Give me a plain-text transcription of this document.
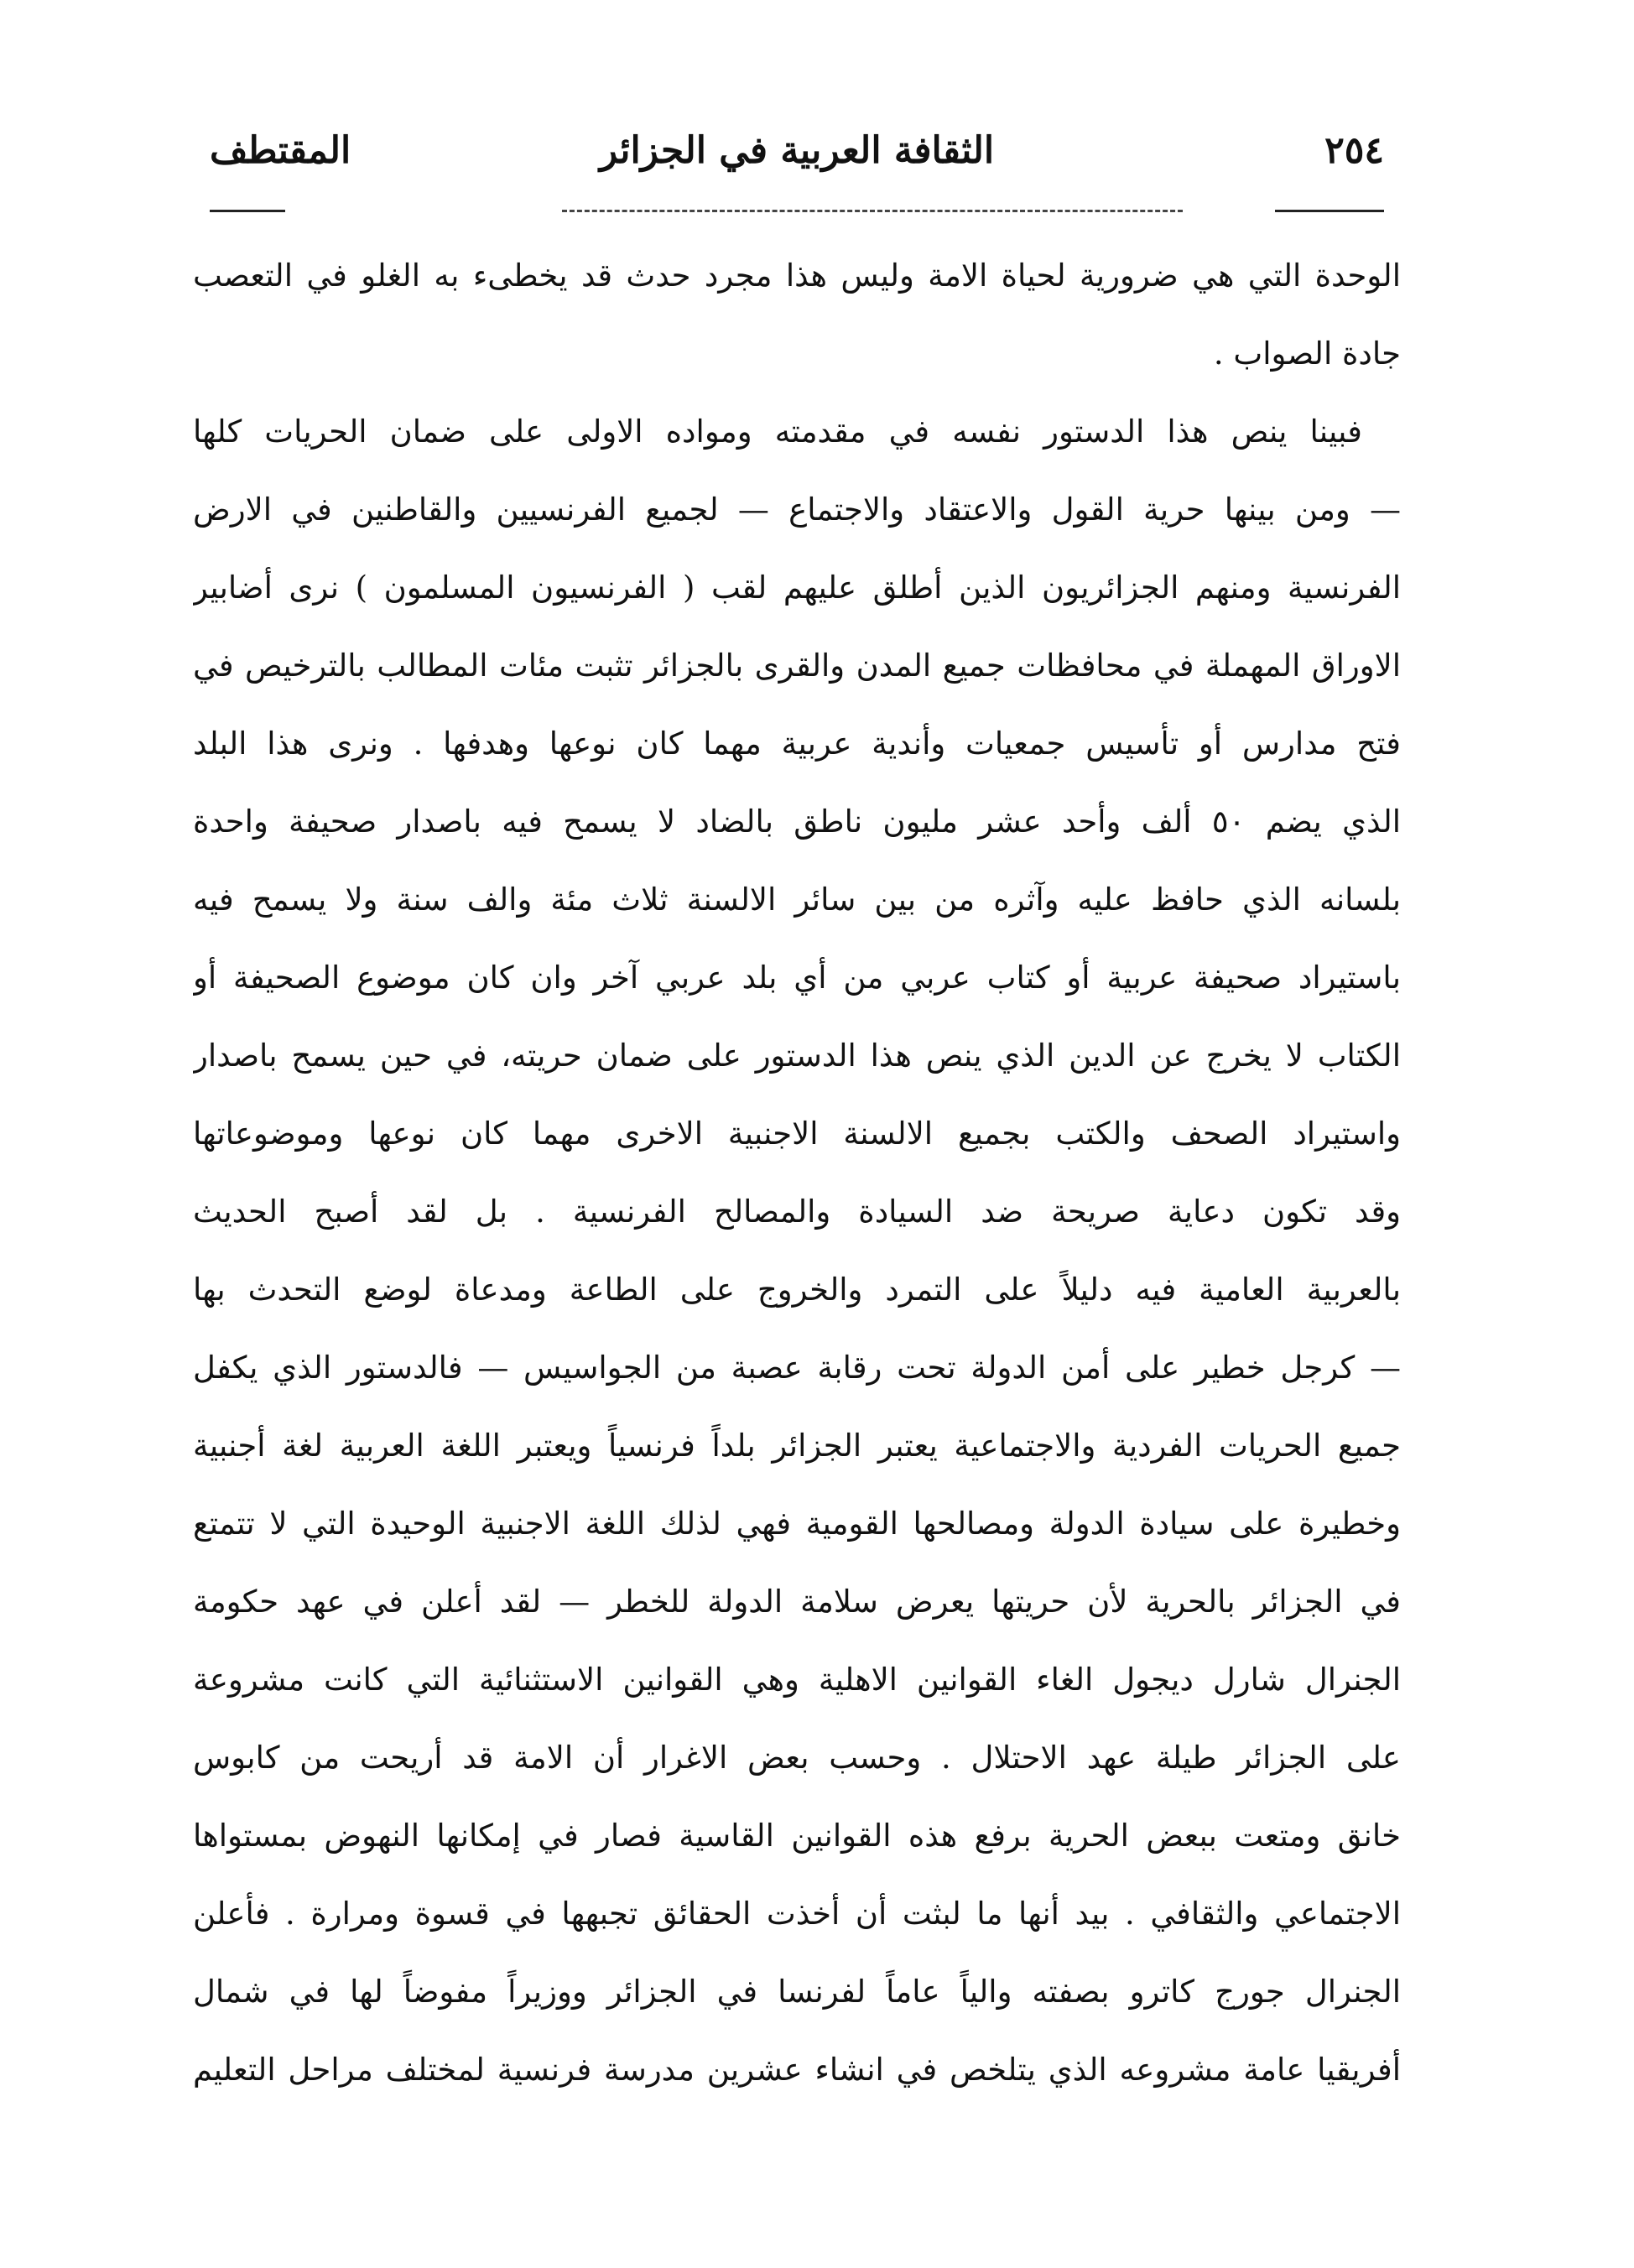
٢٥٤
الثقافة العربية في الجزائر
المقتطف
الوحدة التي هي ضرورية لحياة الامة وليس هذا مجرد حدث قد يخطىء به الغلو في التعصب
جادة الصواب .
فبينا ينص هذا الدستور نفسه في مقدمته ومواده الاولى على ضمان الحريات كلها
— ومن بينها حرية القول والاعتقاد والاجتماع — لجميع الفرنسيين والقاطنين في الارض
الفرنسية ومنهم الجزائريون الذين أطلق عليهم لقب ( الفرنسيون المسلمون ) نرى أضابير
الاوراق المهملة في محافظات جميع المدن والقرى بالجزائر تثبت مئات المطالب بالترخيص في
فتح مدارس أو تأسيس جمعيات وأندية عربية مهما كان نوعها وهدفها . ونرى هذا البلد
الذي يضم ٥٠ ألف وأحد عشر مليون ناطق بالضاد لا يسمح فيه باصدار صحيفة واحدة
بلسانه الذي حافظ عليه وآثره من بين سائر الالسنة ثلاث مئة والف سنة ولا يسمح فيه
باستيراد صحيفة عربية أو كتاب عربي من أي بلد عربي آخر وان كان موضوع الصحيفة أو
الكتاب لا يخرج عن الدين الذي ينص هذا الدستور على ضمان حريته، في حين يسمح باصدار
واستيراد الصحف والكتب بجميع الالسنة الاجنبية الاخرى مهما كان نوعها وموضوعاتها
وقد تكون دعاية صريحة ضد السيادة والمصالح الفرنسية . بل لقد أصبح الحديث
بالعربية العامية فيه دليلاً على التمرد والخروج على الطاعة ومدعاة لوضع التحدث بها
— كرجل خطير على أمن الدولة تحت رقابة عصبة من الجواسيس — فالدستور الذي يكفل
جميع الحريات الفردية والاجتماعية يعتبر الجزائر بلداً فرنسياً ويعتبر اللغة العربية لغة أجنبية
وخطيرة على سيادة الدولة ومصالحها القومية فهي لذلك اللغة الاجنبية الوحيدة التي لا تتمتع
في الجزائر بالحرية لأن حريتها يعرض سلامة الدولة للخطر — لقد أعلن في عهد حكومة
الجنرال شارل ديجول الغاء القوانين الاهلية وهي القوانين الاستثنائية التي كانت مشروعة
على الجزائر طيلة عهد الاحتلال . وحسب بعض الاغرار أن الامة قد أريحت من كابوس
خانق ومتعت ببعض الحرية برفع هذه القوانين القاسية فصار في إمكانها النهوض بمستواها
الاجتماعي والثقافي . بيد أنها ما لبثت أن أخذت الحقائق تجبهها في قسوة ومرارة . فأعلن
الجنرال جورج كاترو بصفته والياً عاماً لفرنسا في الجزائر ووزيراً مفوضاً لها في شمال
أفريقيا عامة مشروعه الذي يتلخص في انشاء عشرين مدرسة فرنسية لمختلف مراحل التعليم
